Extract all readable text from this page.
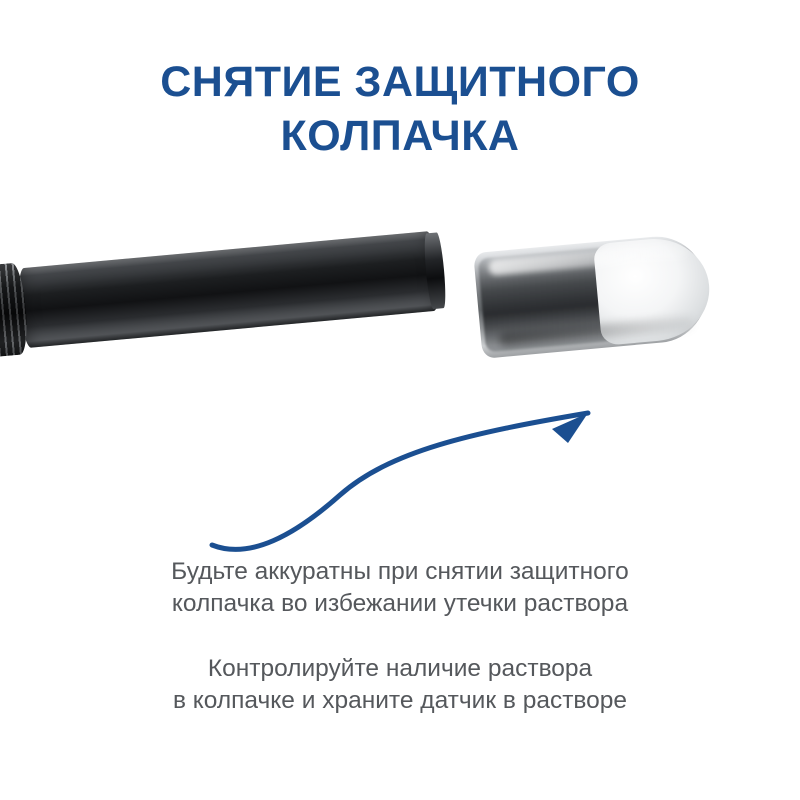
СНЯТИЕ ЗАЩИТНОГО
КОЛПАЧКА
Будьте аккуратны при снятии защитного
колпачка во избежании утечки раствора
Контролируйте наличие раствора
в колпачке и храните датчик в растворе
